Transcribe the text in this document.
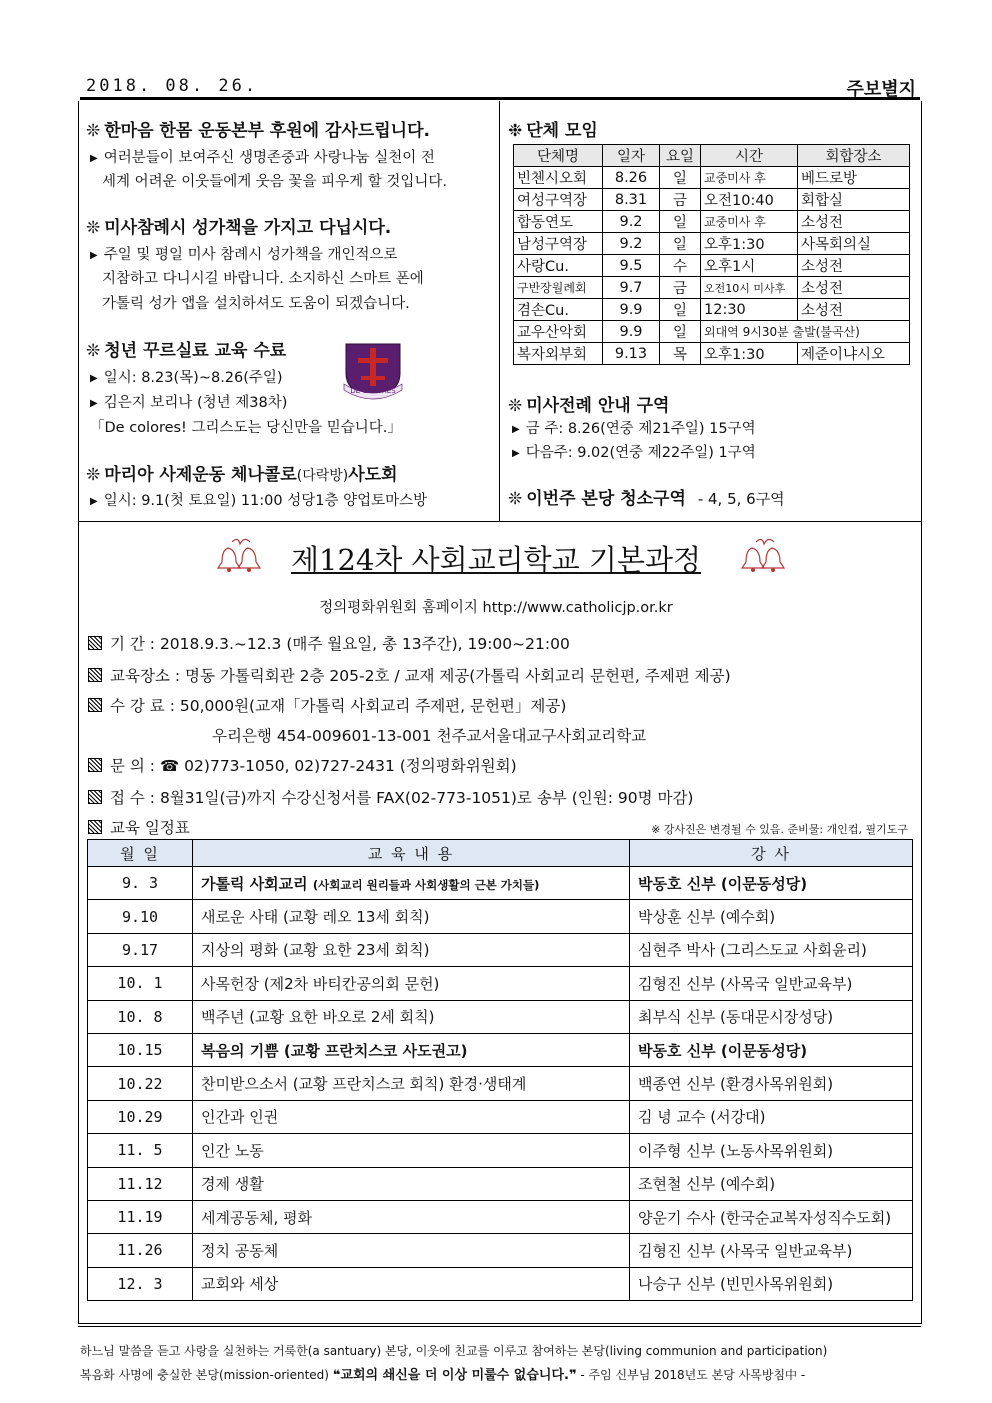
2018. 08. 26.	주보별지
❊ 한마음 한몸 운동본부 후원에 감사드립니다.
▶ 여러분들이 보여주신 생명존중과 사랑나눔 실천이 전
세계 어려운 이웃들에게 웃음 꽃을 피우게 할 것입니다.
❊ 미사참례시 성가책을 가지고 다닙시다.
▶ 주일 및 평일 미사 참례시 성가책을 개인적으로
지참하고 다니시길 바랍니다. 소지하신 스마트 폰에
가톨릭 성가 앱을 설치하셔도 도움이 되겠습니다.
❊ 청년 꾸르실료 교육 수료
▶ 일시: 8.23(목)~8.26(주일)
▶ 김은지 보리나 (청년 제38차)
「De colores! 그리스도는 당신만을 믿습니다.」
DE COLORES
❊ 마리아 사제운동 체나콜로(다락방)사도회
▶ 일시: 9.1(첫 토요일) 11:00 성당1층 양업토마스방
❉ 단체 모임
단체명	일자	요일	시간	회합장소
빈첸시오회	8.26	일	교중미사 후	베드로방
여성구역장	8.31	금	오전10:40	회합실
합동연도	9.2	일	교중미사 후	소성전
남성구역장	9.2	일	오후1:30	사목회의실
사랑Cu.	9.5	수	오후1시	소성전
구반장월례회	9.7	금	오전10시 미사후	소성전
겸손Cu.	9.9	일	12:30	소성전
교우산악회	9.9	일	외대역 9시30분 출발(불곡산)	
복자외부회	9.13	목	오후1:30	제준이냐시오
❊ 미사전례 안내 구역
▶ 금 주: 8.26(연중 제21주일) 15구역
▶ 다음주: 9.02(연중 제22주일) 1구역
❊ 이번주 본당 청소구역 - 4, 5, 6구역
제124차 사회교리학교 기본과정
정의평화위원회 홈페이지 http://www.catholicjp.or.kr
기 간 : 2018.9.3.~12.3 (매주 월요일, 총 13주간), 19:00~21:00
교육장소 : 명동 가톨릭회관 2층 205-2호 / 교재 제공(가톨릭 사회교리 문헌편, 주제편 제공)
수 강 료 : 50,000원(교재「가톨릭 사회교리 주제편, 문헌편」제공)
우리은행 454-009601-13-001 천주교서울대교구사회교리학교
문 의 : ☎ 02)773-1050, 02)727-2431 (정의평화위원회)
접 수 : 8월31일(금)까지 수강신청서를 FAX(02-773-1051)로 송부 (인원: 90명 마감)
교육 일정표	※ 강사진은 변경될 수 있음. 준비물: 개인컵, 필기도구
월 일	교 육 내 용	강 사
9. 3	가톨릭 사회교리 (사회교리 원리들과 사회생활의 근본 가치들)	박동호 신부 (이문동성당)
9.10	새로운 사태 (교황 레오 13세 회칙)	박상훈 신부 (예수회)
9.17	지상의 평화 (교황 요한 23세 회칙)	심현주 박사 (그리스도교 사회윤리)
10. 1	사목헌장 (제2차 바티칸공의회 문헌)	김형진 신부 (사목국 일반교육부)
10. 8	백주년 (교황 요한 바오로 2세 회칙)	최부식 신부 (동대문시장성당)
10.15	복음의 기쁨 (교황 프란치스코 사도권고)	박동호 신부 (이문동성당)
10.22	찬미받으소서 (교황 프란치스코 회칙) 환경·생태계	백종연 신부 (환경사목위원회)
10.29	인간과 인권	김 녕 교수 (서강대)
11. 5	인간 노동	이주형 신부 (노동사목위원회)
11.12	경제 생활	조현철 신부 (예수회)
11.19	세계공동체, 평화	양운기 수사 (한국순교복자성직수도회)
11.26	정치 공동체	김형진 신부 (사목국 일반교육부)
12. 3	교회와 세상	나승구 신부 (빈민사목위원회)
하느님 말씀을 듣고 사랑을 실천하는 거룩한(a santuary) 본당, 이웃에 친교를 이루고 참여하는 본당(living communion and participation)
복음화 사명에 충실한 본당(mission-oriented) ❝교회의 쇄신을 더 이상 미룰수 없습니다.❞ - 주임 신부님 2018년도 본당 사목방침中 -
